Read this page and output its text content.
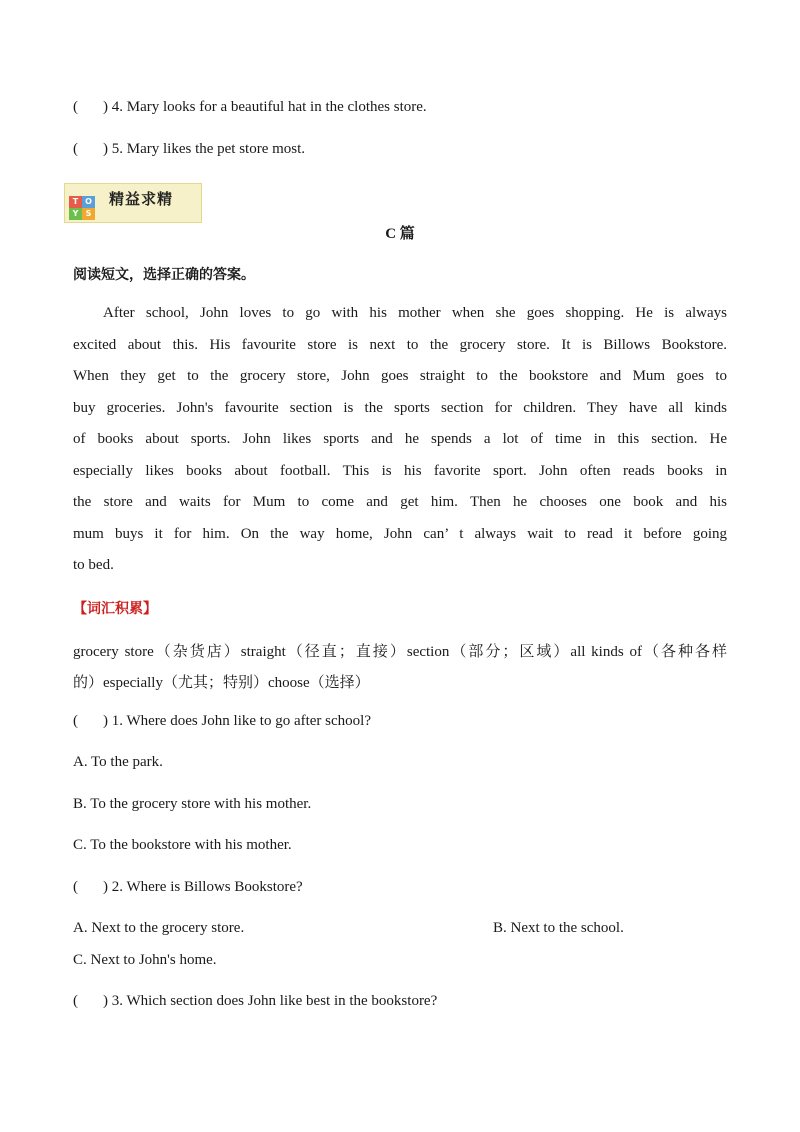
( ) 4. Mary looks for a beautiful hat in the clothes store.
( ) 5. Mary likes the pet store most.
T O
Y S
精益求精
C 篇
阅读短文，选择正确的答案。
After school, John loves to go with his mother when she goes shopping. He is always
excited about this. His favourite store is next to the grocery store. It is Billows Bookstore.
When they get to the grocery store, John goes straight to the bookstore and Mum goes to
buy groceries. John's favourite section is the sports section for children. They have all kinds
of books about sports. John likes sports and he spends a lot of time in this section. He
especially likes books about football. This is his favorite sport. John often reads books in
the store and waits for Mum to come and get him. Then he chooses one book and his
mum buys it for him. On the way home, John can’ t always wait to read it before going
to bed.
【词汇积累】
grocery store（杂货店）straight（径直；直接）section（部分；区域）all kinds of（各种各样
的）especially（尤其；特别）choose（选择）
( ) 1. Where does John like to go after school?
A. To the park.
B. To the grocery store with his mother.
C. To the bookstore with his mother.
( ) 2. Where is Billows Bookstore?
A. Next to the grocery store.	B. Next to the school.
C. Next to John's home.
( ) 3. Which section does John like best in the bookstore?
